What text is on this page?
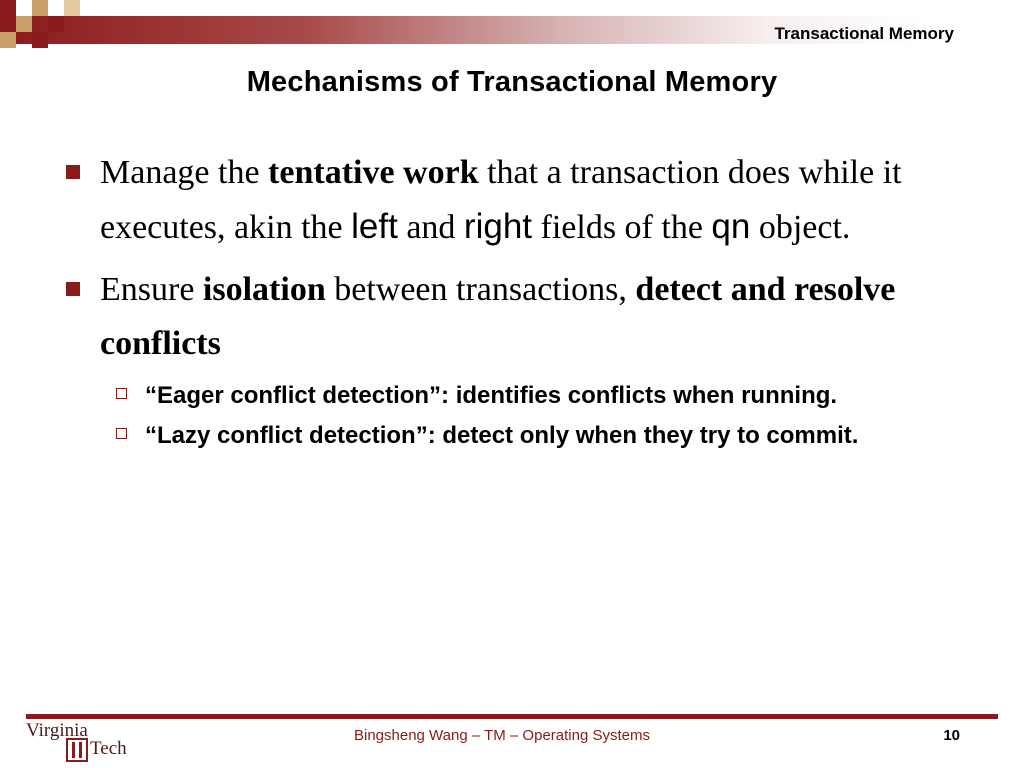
Transactional Memory
Mechanisms of Transactional Memory
Manage the tentative work that a transaction does while it executes, akin the left and right fields of the qn object.
Ensure isolation between transactions, detect and resolve conflicts
“Eager conflict detection”: identifies conflicts when running.
“Lazy conflict detection”: detect only when they try to commit.
Virginia
Tech
Bingsheng Wang – TM – Operating Systems	10
